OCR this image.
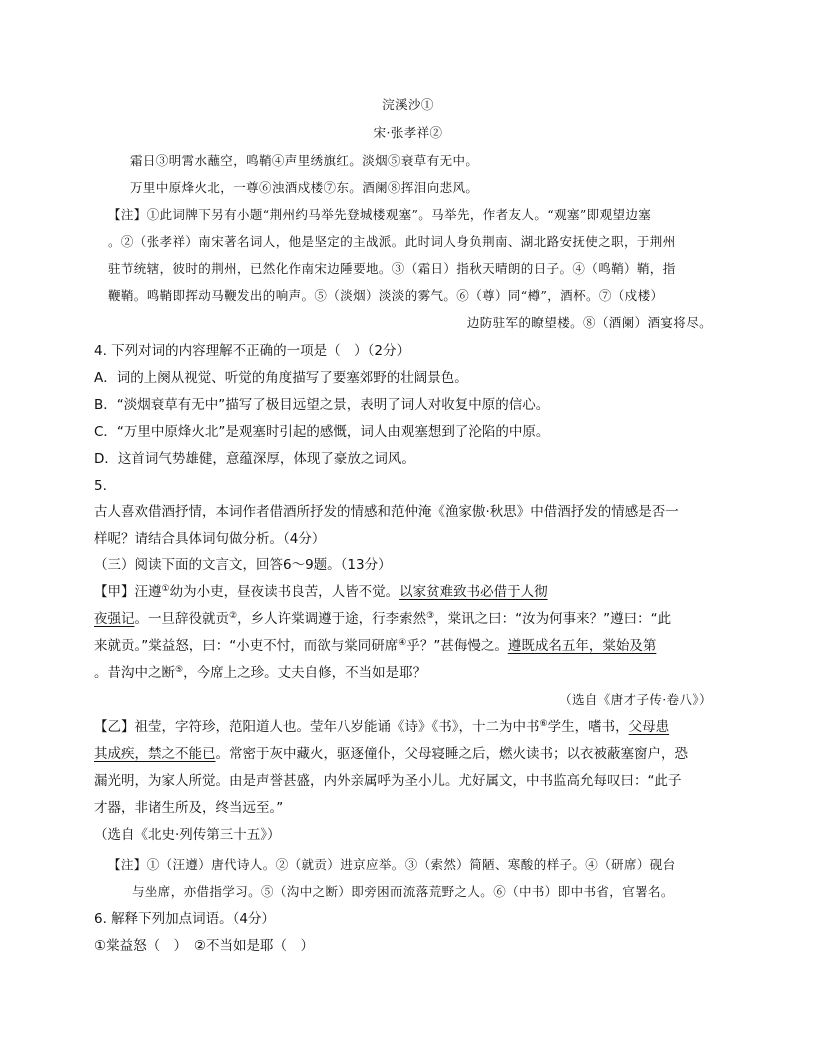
浣溪沙①
宋·张孝祥②
霜日③明霄水蘸空，鸣鞘④声里绣旗红。淡烟⑤衰草有无中。
万里中原烽火北，一尊⑥浊酒戍楼⑦东。酒阑⑧挥泪向悲风。
【注】①此词牌下另有小题“荆州约马举先登城楼观塞”。马举先，作者友人。“观塞”即观望边塞
。②（张孝祥）南宋著名词人，他是坚定的主战派。此时词人身负荆南、湖北路安抚使之职，于荆州
驻节统辖，彼时的荆州，已然化作南宋边陲要地。③（霜日）指秋天晴朗的日子。④（鸣鞘）鞘，指
鞭鞘。鸣鞘即挥动马鞭发出的响声。⑤（淡烟）淡淡的雾气。⑥（尊）同“樽”，酒杯。⑦（戍楼）
边防驻军的瞭望楼。⑧（酒阑）酒宴将尽。
4. 下列对词的内容理解不正确的一项是（　）（2分）
A．词的上阕从视觉、听觉的角度描写了要塞郊野的壮阔景色。
B．“淡烟衰草有无中”描写了极目远望之景，表明了词人对收复中原的信心。
C．“万里中原烽火北”是观塞时引起的感慨，词人由观塞想到了沦陷的中原。
D．这首词气势雄健，意蕴深厚，体现了豪放之词风。
5.
古人喜欢借酒抒情，本词作者借酒所抒发的情感和范仲淹《渔家傲·秋思》中借酒抒发的情感是否一
样呢？请结合具体词句做分析。（4分）
（三）阅读下面的文言文，回答6～9题。（13分）
【甲】汪遵①幼为小吏，昼夜读书良苦，人皆不觉。以家贫难致书必借于人彻
夜强记。一旦辞役就贡②，乡人许棠调遵于途，行李索然③，棠讯之曰：“汝为何事来？”遵曰：“此
来就贡。”棠益怒，曰：“小吏不忖，而欲与棠同研席④乎？”甚侮慢之。遵既成名五年，棠始及第
。昔沟中之断⑤，今席上之珍。丈夫自修，不当如是耶？
（选自《唐才子传·卷八》）
【乙】祖莹，字符珍，范阳道人也。莹年八岁能诵《诗》《书》，十二为中书⑥学生，嗜书，父母患
其成疾，禁之不能已。常密于灰中藏火，驱逐僮仆，父母寝睡之后，燃火读书；以衣被蔽塞窗户，恐
漏光明，为家人所觉。由是声誉甚盛，内外亲属呼为圣小儿。尤好属文，中书监高允每叹曰：“此子
才器，非诸生所及，终当远至。”
（选自《北史·列传第三十五》）
【注】①（汪遵）唐代诗人。②（就贡）进京应举。③（索然）简陋、寒酸的样子。④（研席）砚台
与坐席，亦借指学习。⑤（沟中之断）即旁困而流落荒野之人。⑥（中书）即中书省，官署名。
6. 解释下列加点词语。（4分）
①棠益怒（　）　②不当如是耶（　）
